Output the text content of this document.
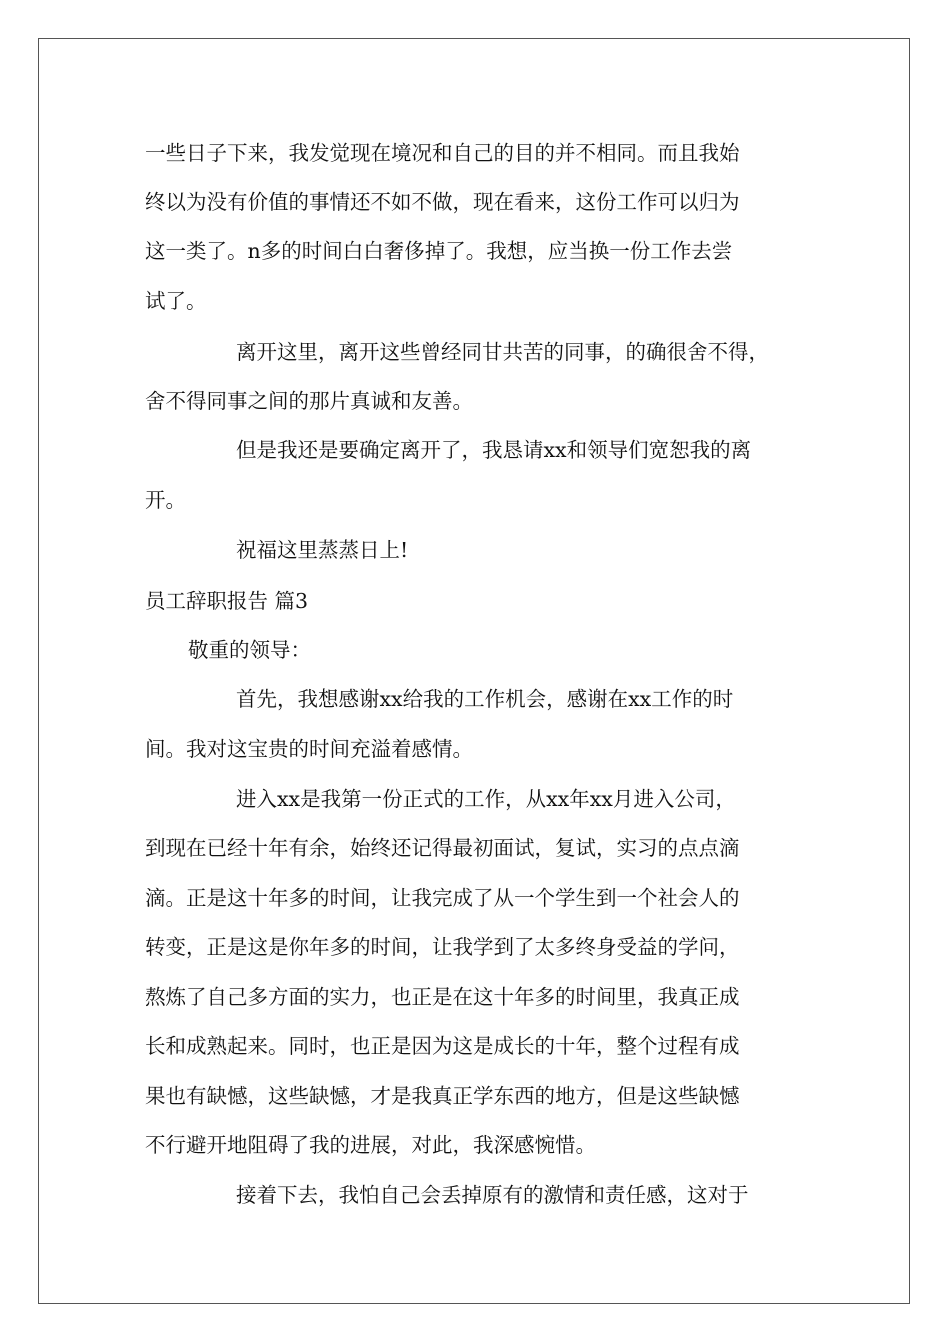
一些日子下来，我发觉现在境况和自己的目的并不相同。而且我始

终以为没有价值的事情还不如不做，现在看来，这份工作可以归为

这一类了。n多的时间白白奢侈掉了。我想，应当换一份工作去尝

试了。

离开这里，离开这些曾经同甘共苦的同事，的确很舍不得，

舍不得同事之间的那片真诚和友善。

但是我还是要确定离开了，我恳请xx和领导们宽恕我的离

开。

祝福这里蒸蒸日上!

员工辞职报告 篇3

敬重的领导：

首先，我想感谢xx给我的工作机会，感谢在xx工作的时

间。我对这宝贵的时间充溢着感情。

进入xx是我第一份正式的工作，从xx年xx月进入公司，

到现在已经十年有余，始终还记得最初面试，复试，实习的点点滴

滴。正是这十年多的时间，让我完成了从一个学生到一个社会人的

转变，正是这是你年多的时间，让我学到了太多终身受益的学问，

熬炼了自己多方面的实力，也正是在这十年多的时间里，我真正成

长和成熟起来。同时，也正是因为这是成长的十年，整个过程有成

果也有缺憾，这些缺憾，才是我真正学东西的地方，但是这些缺憾

不行避开地阻碍了我的进展，对此，我深感惋惜。

接着下去，我怕自己会丢掉原有的激情和责任感，这对于
